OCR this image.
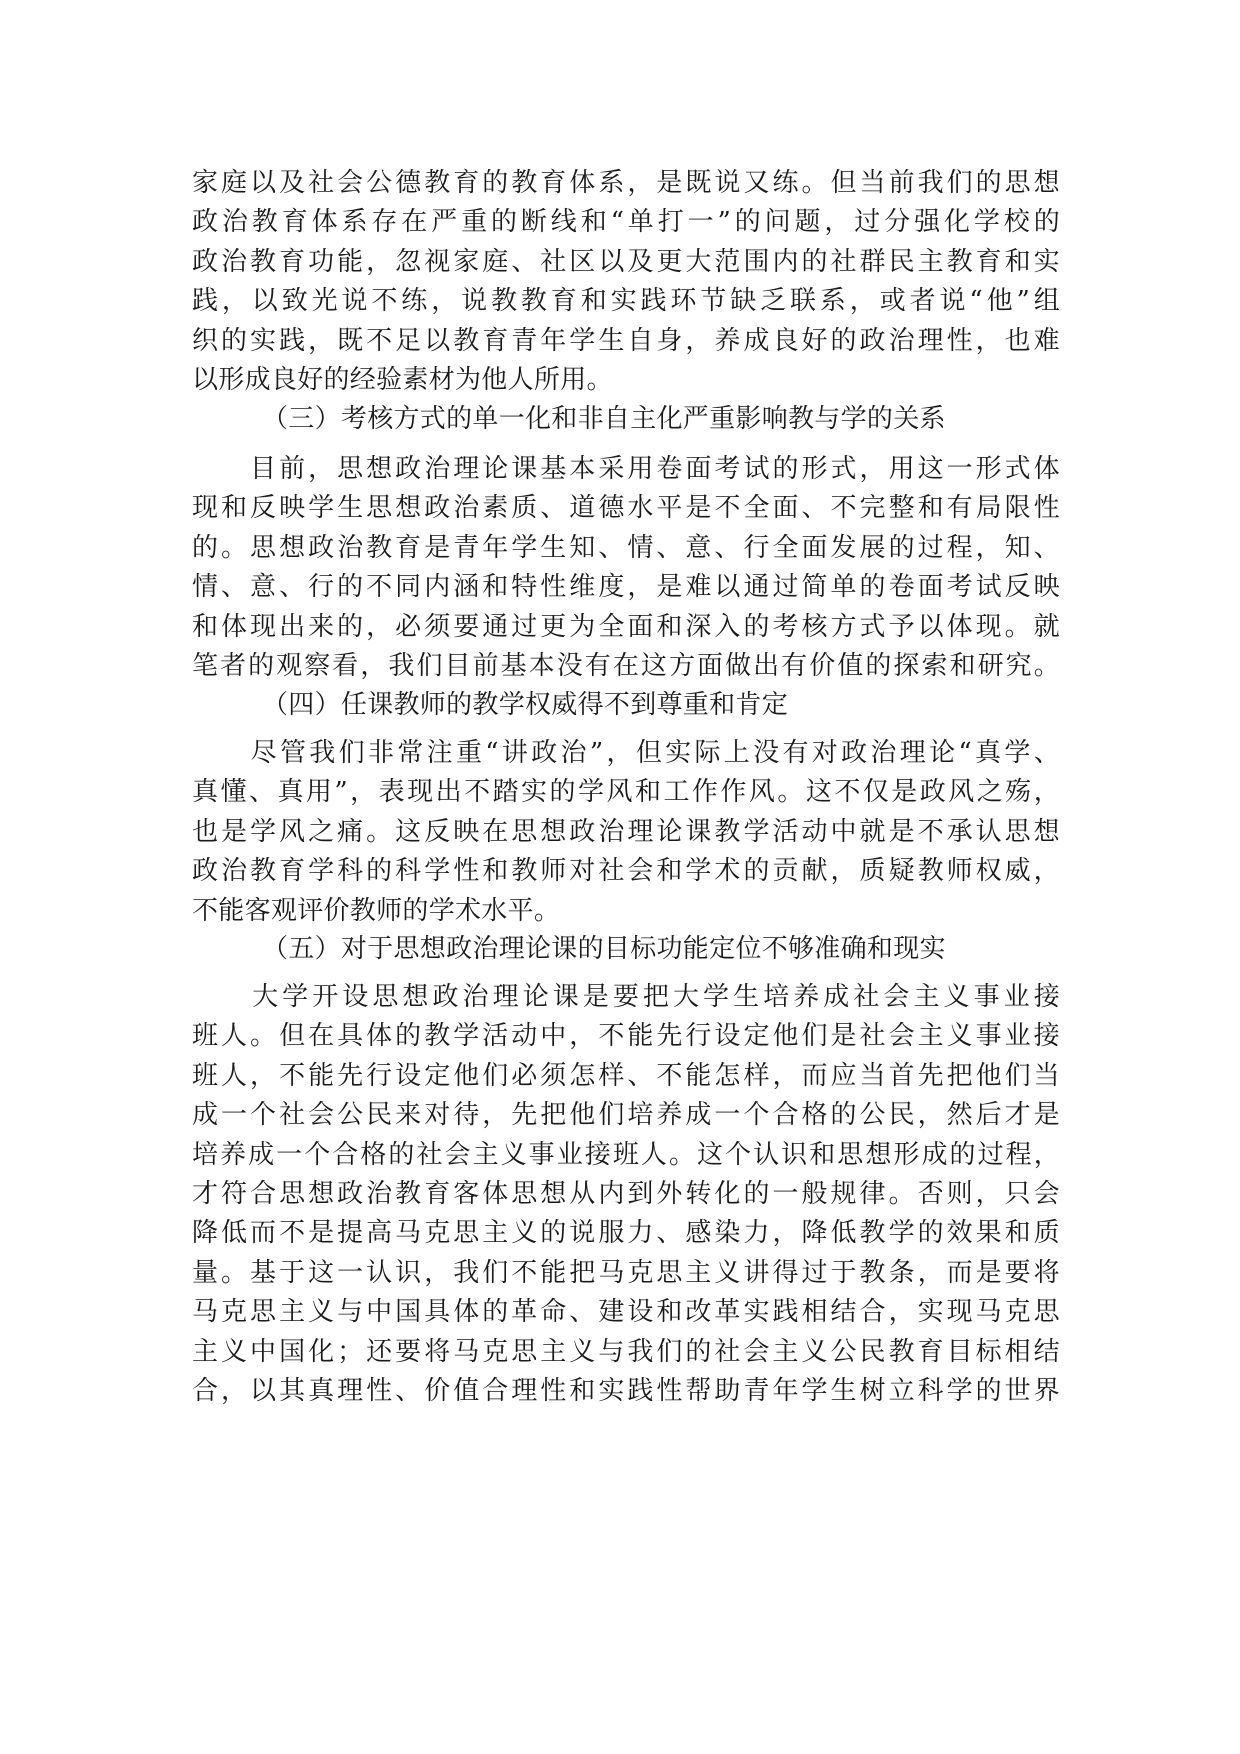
家庭以及社会公德教育的教育体系，是既说又练。但当前我们的思想
政治教育体系存在严重的断线和“单打一”的问题，过分强化学校的
政治教育功能，忽视家庭、社区以及更大范围内的社群民主教育和实
践，以致光说不练，说教教育和实践环节缺乏联系，或者说“他”组
织的实践，既不足以教育青年学生自身，养成良好的政治理性，也难
以形成良好的经验素材为他人所用。
（三）考核方式的单一化和非自主化严重影响教与学的关系
　　目前，思想政治理论课基本采用卷面考试的形式，用这一形式体
现和反映学生思想政治素质、道德水平是不全面、不完整和有局限性
的。思想政治教育是青年学生知、情、意、行全面发展的过程，知、
情、意、行的不同内涵和特性维度，是难以通过简单的卷面考试反映
和体现出来的，必须要通过更为全面和深入的考核方式予以体现。就
笔者的观察看，我们目前基本没有在这方面做出有价值的探索和研究。
（四）任课教师的教学权威得不到尊重和肯定
　　尽管我们非常注重“讲政治”，但实际上没有对政治理论“真学、
真懂、真用”，表现出不踏实的学风和工作作风。这不仅是政风之殇，
也是学风之痛。这反映在思想政治理论课教学活动中就是不承认思想
政治教育学科的科学性和教师对社会和学术的贡献，质疑教师权威，
不能客观评价教师的学术水平。
（五）对于思想政治理论课的目标功能定位不够准确和现实
　　大学开设思想政治理论课是要把大学生培养成社会主义事业接
班人。但在具体的教学活动中，不能先行设定他们是社会主义事业接
班人，不能先行设定他们必须怎样、不能怎样，而应当首先把他们当
成一个社会公民来对待，先把他们培养成一个合格的公民，然后才是
培养成一个合格的社会主义事业接班人。这个认识和思想形成的过程，
才符合思想政治教育客体思想从内到外转化的一般规律。否则，只会
降低而不是提高马克思主义的说服力、感染力，降低教学的效果和质
量。基于这一认识，我们不能把马克思主义讲得过于教条，而是要将
马克思主义与中国具体的革命、建设和改革实践相结合，实现马克思
主义中国化；还要将马克思主义与我们的社会主义公民教育目标相结
合，以其真理性、价值合理性和实践性帮助青年学生树立科学的世界
